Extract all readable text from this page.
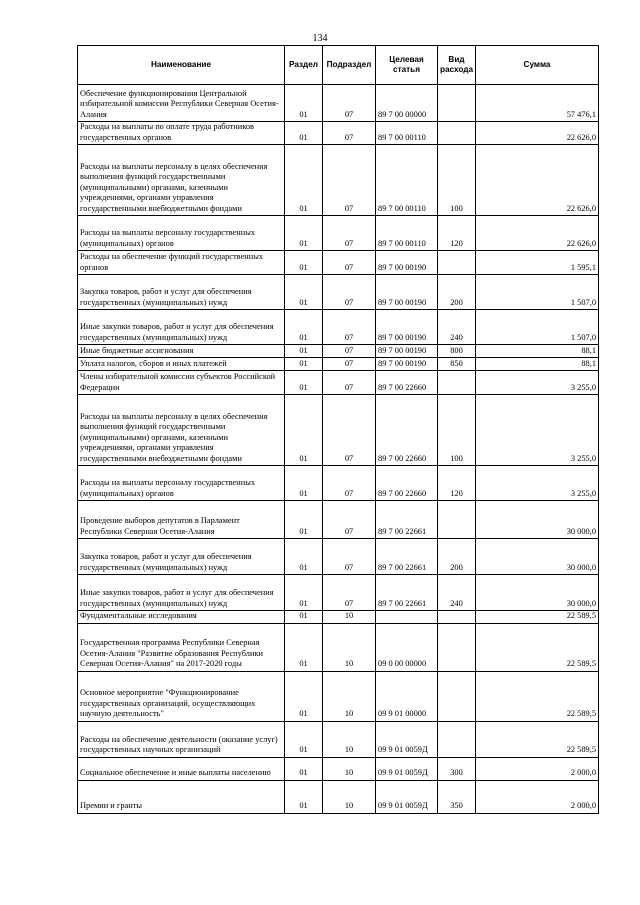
134
Наименование	Раздел	Подраздел	Целевая статья	Вид расхода	Сумма

Обеспечение функционирования Центральной избирательной комиссии Республики Северная Осетия-Алания	01	07	89 7 00 00000		57 476,1

Расходы на выплаты по оплате труда работников государственных органов	01	07	89 7 00 00110		22 626,0

Расходы на выплаты персоналу в целях обеспечения выполнения функций государственными (муниципальными) органами, казенными учреждениями, органами управления государственными внебюджетными фондами	01	07	89 7 00 00110	100	22 626,0

Расходы на выплаты персоналу государственных (муниципальных) органов	01	07	89 7 00 00110	120	22 626,0

Расходы на обеспечение функций государственных органов	01	07	89 7 00 00190		1 595,1

Закупка товаров, работ и услуг для обеспечения государственных (муниципальных) нужд	01	07	89 7 00 00190	200	1 507,0

Иные закупки товаров, работ и услуг для обеспечения государственных (муниципальных) нужд	01	07	89 7 00 00190	240	1 507,0

Иные бюджетные ассигнования	01	07	89 7 00 00190	800	88,1

Уплата налогов, сборов и иных платежей	01	07	89 7 00 00190	850	88,1

Члены избирательной комиссии субъектов Российской Федерации	01	07	89 7 00 22660		3 255,0

Расходы на выплаты персоналу в целях обеспечения выполнения функций государственными (муниципальными) органами, казенными учреждениями, органами управления государственными внебюджетными фондами	01	07	89 7 00 22660	100	3 255,0

Расходы на выплаты персоналу государственных (муниципальных) органов	01	07	89 7 00 22660	120	3 255,0

Проведение выборов депутатов в Парламент Республики Северная Осетия-Алания	01	07	89 7 00 22661		30 000,0

Закупка товаров, работ и услуг для обеспечения государственных (муниципальных) нужд	01	07	89 7 00 22661	200	30 000,0

Иные закупки товаров, работ и услуг для обеспечения государственных (муниципальных) нужд	01	07	89 7 00 22661	240	30 000,0

Фундаментальные исследования	01	10			22 589,5

Государственная программа Республики Северная Осетия-Алания "Развитие образования Республики Северная Осетия-Алания" на 2017-2020 годы	01	10	09 0 00 00000		22 589,5

Основное мероприятие "Функционирование государственных организаций, осуществляющих научную деятельность"	01	10	09 9 01 00000		22 589,5

Расходы на обеспечение деятельности (оказание услуг) государственных научных организаций	01	10	09 9 01 0059Д		22 589,5

Социальное обеспечение и иные выплаты населению	01	10	09 9 01 0059Д	300	2 000,0

Премии и гранты	01	10	09 9 01 0059Д	350	2 000,0
